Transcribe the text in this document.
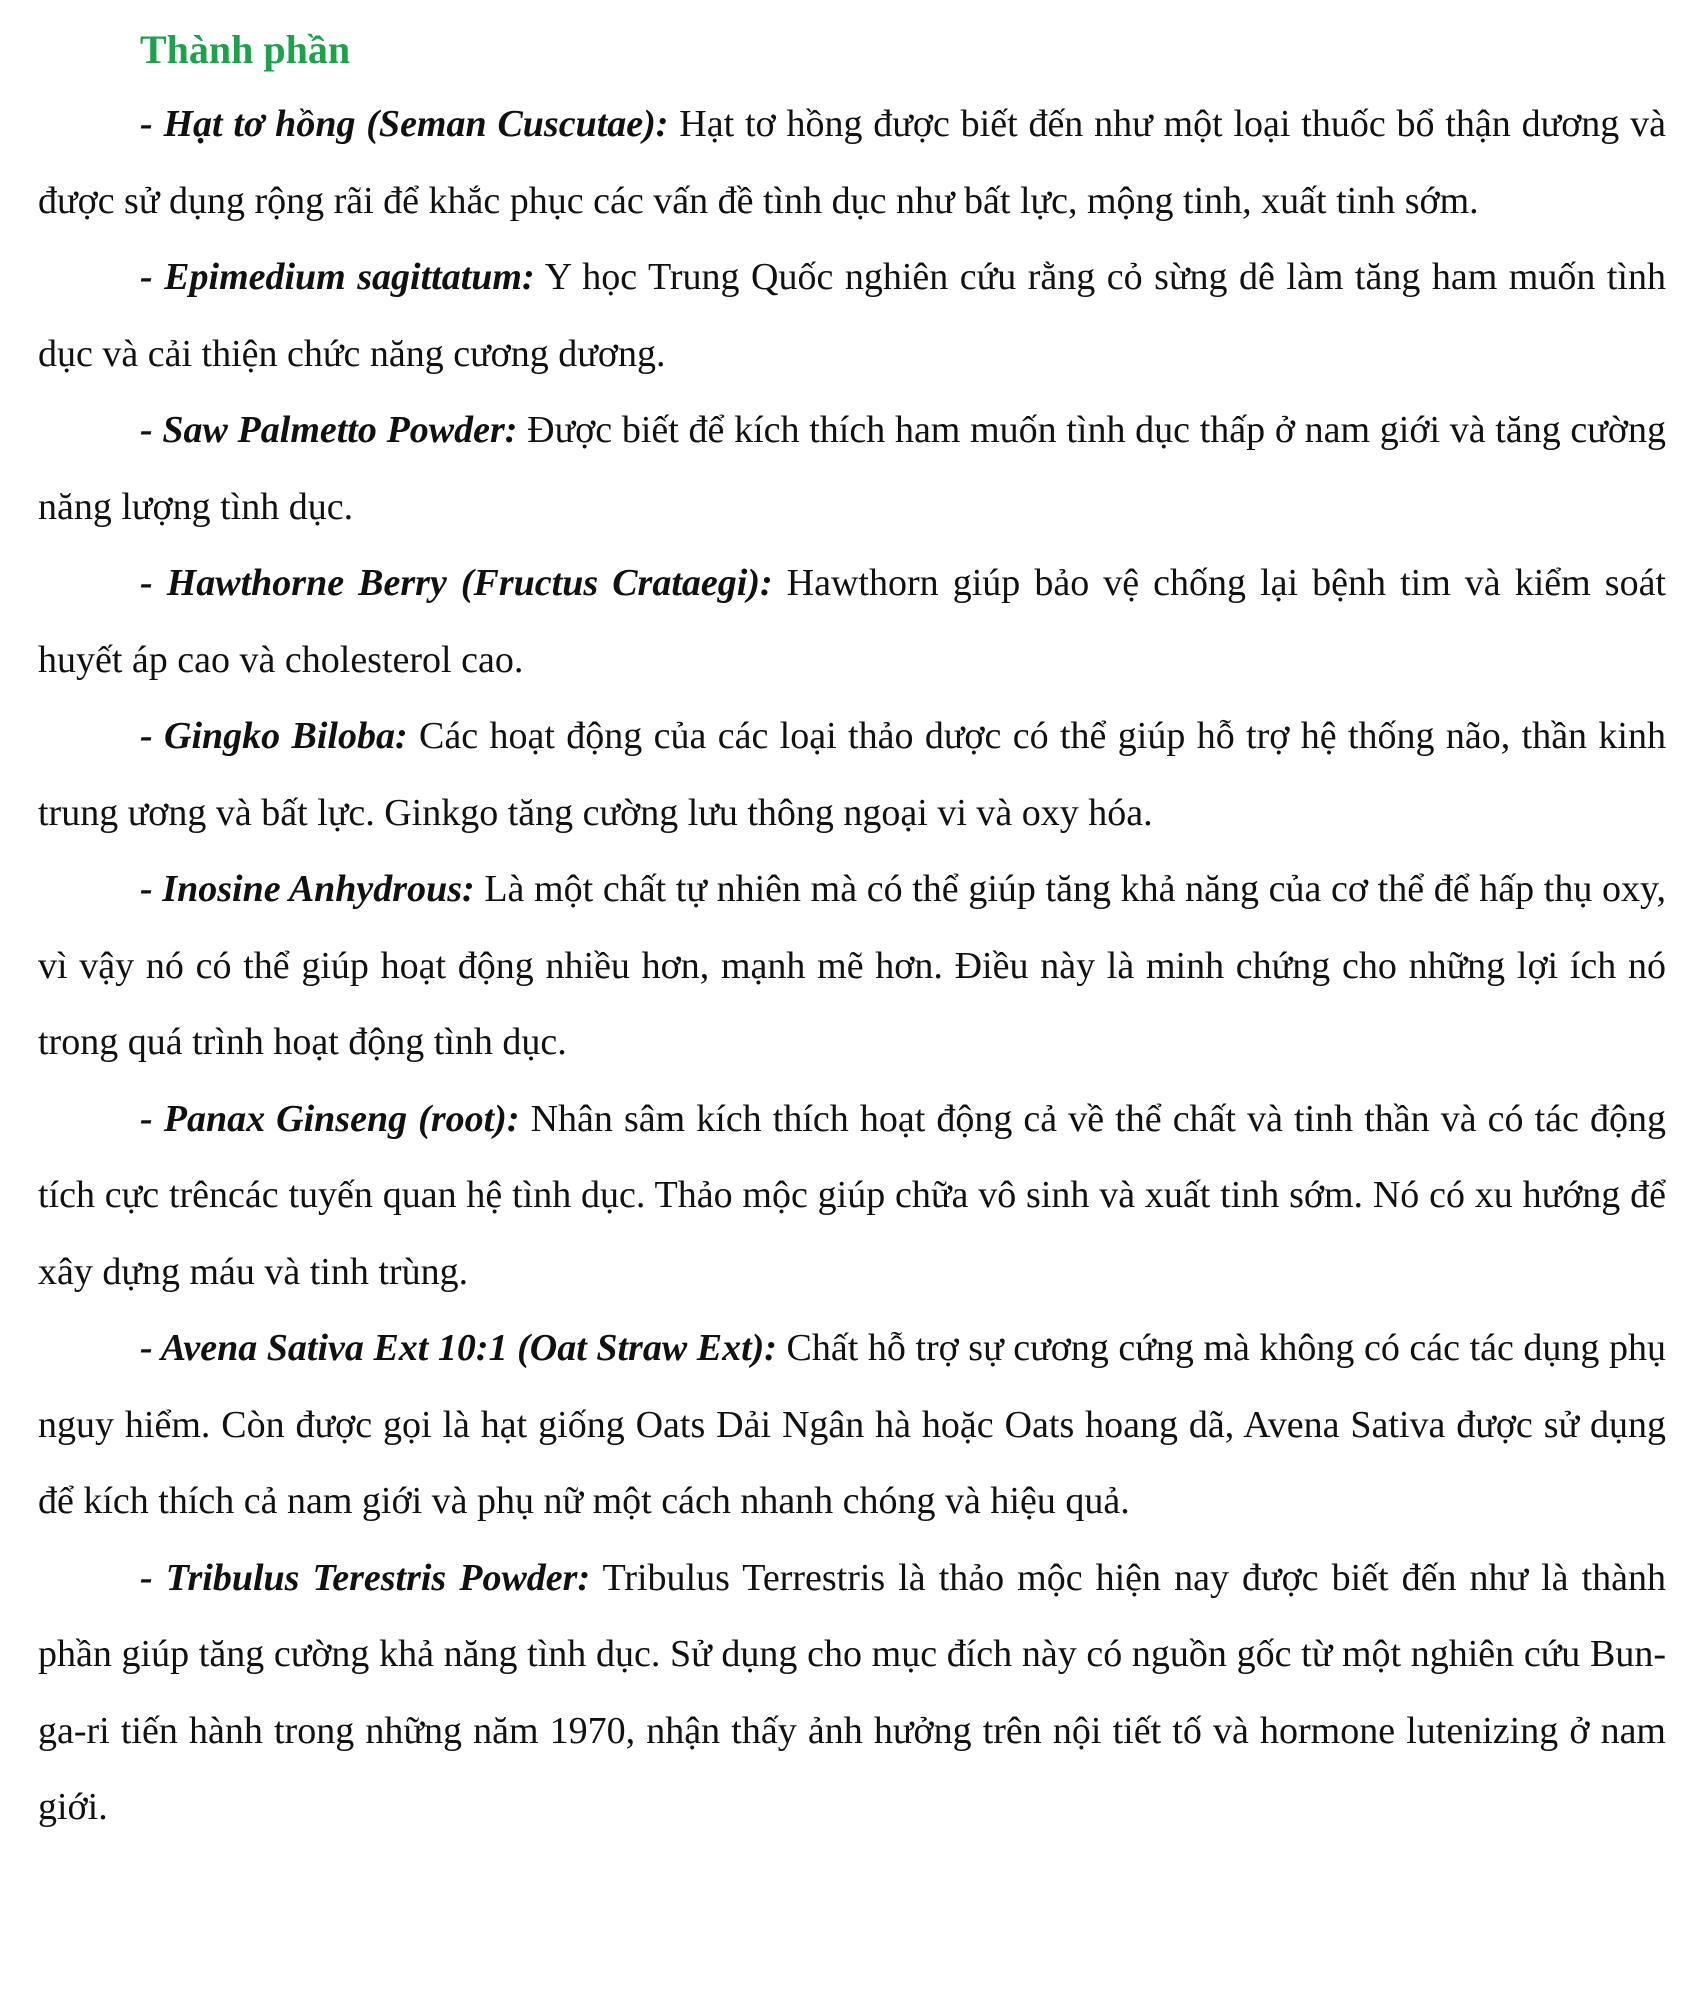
Thành phần

- Hạt tơ hồng (Seman Cuscutae): Hạt tơ hồng được biết đến như một loại thuốc bổ thận dương và được sử dụng rộng rãi để khắc phục các vấn đề tình dục như bất lực, mộng tinh, xuất tinh sớm.

- Epimedium sagittatum: Y học Trung Quốc nghiên cứu rằng cỏ sừng dê làm tăng ham muốn tình dục và cải thiện chức năng cương dương.

- Saw Palmetto Powder: Được biết để kích thích ham muốn tình dục thấp ở nam giới và tăng cường năng lượng tình dục.

- Hawthorne Berry (Fructus Crataegi): Hawthorn giúp bảo vệ chống lại bệnh tim và kiểm soát huyết áp cao và cholesterol cao.

- Gingko Biloba: Các hoạt động của các loại thảo dược có thể giúp hỗ trợ hệ thống não, thần kinh trung ương và bất lực. Ginkgo tăng cường lưu thông ngoại vi và oxy hóa.

- Inosine Anhydrous: Là một chất tự nhiên mà có thể giúp tăng khả năng của cơ thể để hấp thụ oxy, vì vậy nó có thể giúp hoạt động nhiều hơn, mạnh mẽ hơn. Điều này là minh chứng cho những lợi ích nó trong quá trình hoạt động tình dục.

- Panax Ginseng (root): Nhân sâm kích thích hoạt động cả về thể chất và tinh thần và có tác động tích cực trêncác tuyến quan hệ tình dục. Thảo mộc giúp chữa vô sinh và xuất tinh sớm. Nó có xu hướng để xây dựng máu và tinh trùng.

- Avena Sativa Ext 10:1 (Oat Straw Ext): Chất hỗ trợ sự cương cứng mà không có các tác dụng phụ nguy hiểm. Còn được gọi là hạt giống Oats Dải Ngân hà hoặc Oats hoang dã, Avena Sativa được sử dụng để kích thích cả nam giới và phụ nữ một cách nhanh chóng và hiệu quả.

- Tribulus Terestris Powder: Tribulus Terrestris là thảo mộc hiện nay được biết đến như là thành phần giúp tăng cường khả năng tình dục. Sử dụng cho mục đích này có nguồn gốc từ một nghiên cứu Bun-ga-ri tiến hành trong những năm 1970, nhận thấy ảnh hưởng trên nội tiết tố và hormone lutenizing ở nam giới.
